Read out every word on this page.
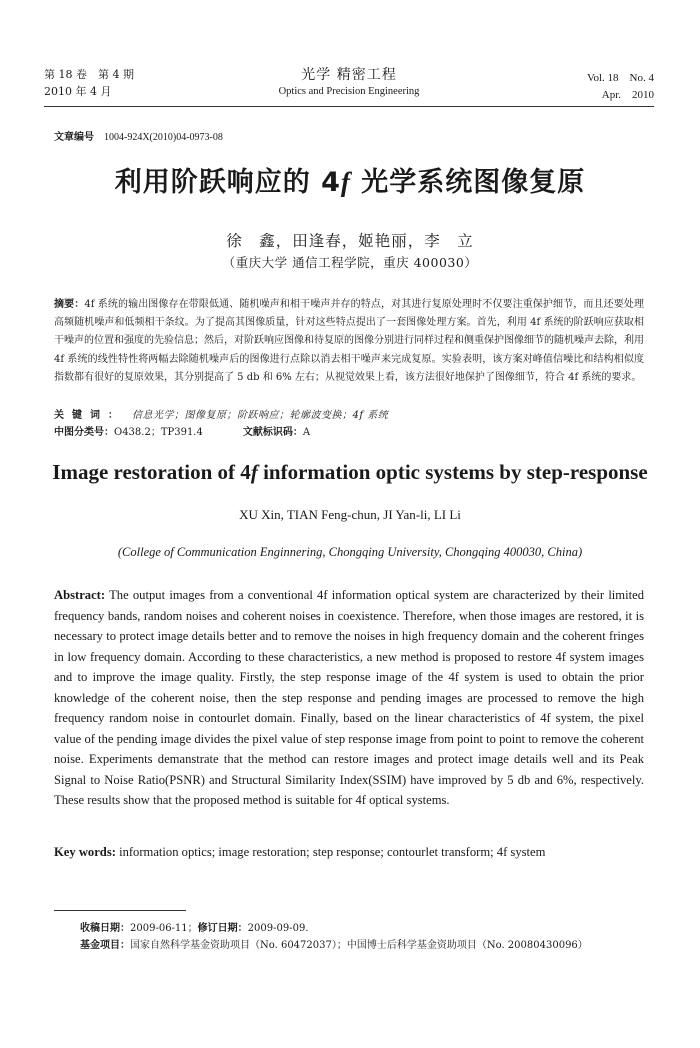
第 18 卷　第 4 期
2010 年 4 月
光学 精密工程
Optics and Precision Engineering
Vol. 18　No. 4
Apr.　2010
文章编号 1004-924X(2010)04-0973-08
利用阶跃响应的 4f 光学系统图像复原
徐　鑫，田逢春，姬艳丽，李　立
（重庆大学 通信工程学院，重庆 400030）
摘要：4f 系统的输出图像存在带限低通、随机噪声和相干噪声并存的特点，对其进行复原处理时不仅要注重保护细节，而且还要处理高频随机噪声和低频相干条纹。为了提高其图像质量，针对这些特点提出了一套图像处理方案。首先，利用 4f 系统的阶跃响应获取相干噪声的位置和强度的先验信息；然后，对阶跃响应图像和待复原的图像分别进行同样过程和侧重保护图像细节的随机噪声去除，利用 4f 系统的线性特性将两幅去除随机噪声后的图像进行点除以消去相干噪声来完成复原。实验表明，该方案对峰值信噪比和结构相似度指数都有很好的复原效果，其分别提高了 5 db 和 6% 左右；从视觉效果上看，该方法很好地保护了图像细节，符合 4f 系统的要求。
关键词： 信息光学；图像复原；阶跃响应；轮廓波变换；4f 系统
中图分类号：O438.2；TP391.4	文献标识码：A
Image restoration of 4f information optic systems by step-response
XU Xin, TIAN Feng-chun, JI Yan-li, LI Li
(College of Communication Enginnering, Chongqing University, Chongqing 400030, China)
Abstract: The output images from a conventional 4f information optical system are characterized by their limited frequency bands, random noises and coherent noises in coexistence. Therefore, when those images are restored, it is necessary to protect image details better and to remove the noises in high frequency domain and the coherent fringes in low frequency domain. According to these characteristics, a new method is proposed to restore 4f system images and to improve the image quality. Firstly, the step response image of the 4f system is used to obtain the prior knowledge of the coherent noise, then the step response and pending images are processed to remove the high frequency random noise in contourlet domain. Finally, based on the linear characteristics of 4f system, the pixel value of the pending image divides the pixel value of step response image from point to point to remove the coherent noise. Experiments demanstrate that the method can restore images and protect image details well and its Peak Signal to Noise Ratio(PSNR) and Structural Similarity Index(SSIM) have improved by 5 db and 6%, respectively. These results show that the proposed method is suitable for 4f optical systems.
Key words: information optics; image restoration; step response; contourlet transform; 4f system
收稿日期：2009-06-11；修订日期：2009-09-09.
基金项目：国家自然科学基金资助项目（No. 60472037）；中国博士后科学基金资助项目（No. 20080430096）
